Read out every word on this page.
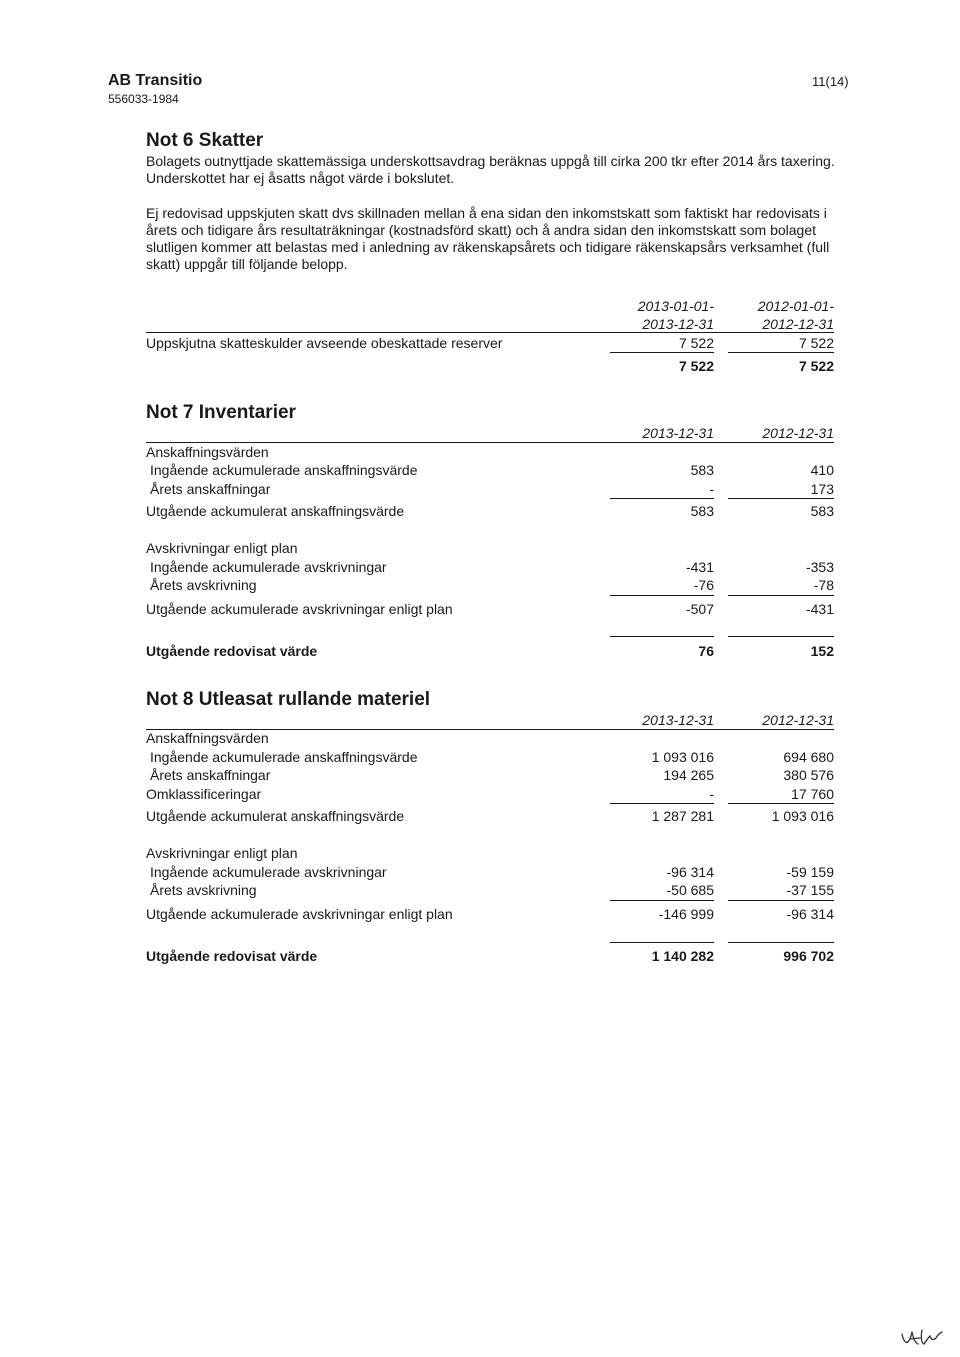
AB Transitio
556033-1984
11(14)
Not 6 Skatter
Bolagets outnyttjade skattemässiga underskottsavdrag beräknas uppgå till cirka 200 tkr efter 2014 års taxering. Underskottet har ej åsatts något värde i bokslutet.
Ej redovisad uppskjuten skatt dvs skillnaden mellan å ena sidan den inkomstskatt som faktiskt har redovisats i årets och tidigare års resultaträkningar (kostnadsförd skatt) och å andra sidan den inkomstskatt som bolaget slutligen kommer att belastas med i anledning av räkenskapsårets och tidigare räkenskapsårs verksamhet (full skatt) uppgår till följande belopp.
2013-01-01-
2013-12-31
2012-01-01-
2012-12-31
Uppskjutna skatteskulder avseende obeskattade reserver	7 522	7 522
7 522	7 522
Not 7 Inventarier
2013-12-31	2012-12-31
Anskaffningsvärden
Ingående ackumulerade anskaffningsvärde	583	410
Årets anskaffningar	-	173
Utgående ackumulerat anskaffningsvärde	583	583
Avskrivningar enligt plan
Ingående ackumulerade avskrivningar	-431	-353
Årets avskrivning	-76	-78
Utgående ackumulerade avskrivningar enligt plan	-507	-431
Utgående redovisat värde	76	152
Not 8 Utleasat rullande materiel
2013-12-31	2012-12-31
Anskaffningsvärden
Ingående ackumulerade anskaffningsvärde	1 093 016	694 680
Årets anskaffningar	194 265	380 576
Omklassificeringar	-	17 760
Utgående ackumulerat anskaffningsvärde	1 287 281	1 093 016
Avskrivningar enligt plan
Ingående ackumulerade avskrivningar	-96 314	-59 159
Årets avskrivning	-50 685	-37 155
Utgående ackumulerade avskrivningar enligt plan	-146 999	-96 314
Utgående redovisat värde	1 140 282	996 702
